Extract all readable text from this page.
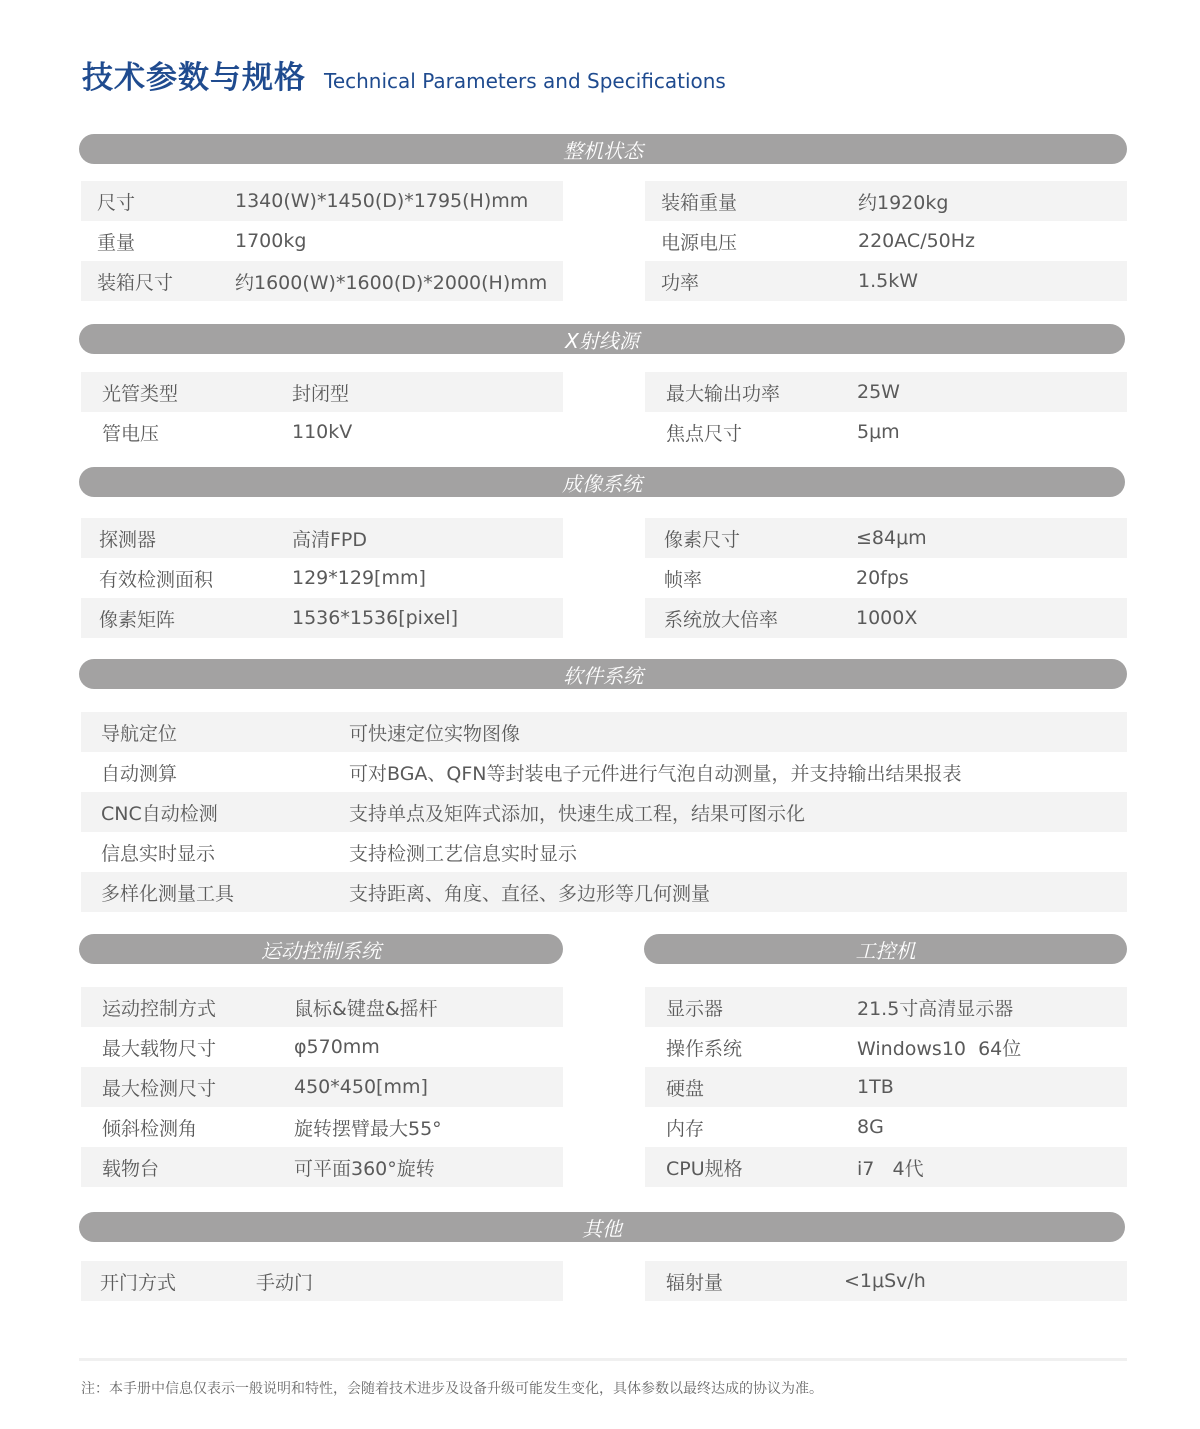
技术参数与规格 Technical Parameters and Specifications
整机状态
尺寸	1340(W)*1450(D)*1795(H)mm
重量	1700kg
装箱尺寸	约1600(W)*1600(D)*2000(H)mm
装箱重量	约1920kg
电源电压	220AC/50Hz
功率	1.5kW
X射线源
光管类型	封闭型
管电压	110kV
最大输出功率	25W
焦点尺寸	5μm
成像系统
探测器	高清FPD
有效检测面积	129*129[mm]
像素矩阵	1536*1536[pixel]
像素尺寸	≤84μm
帧率	20fps
系统放大倍率	1000X
软件系统
导航定位	可快速定位实物图像
自动测算	可对BGA、QFN等封装电子元件进行气泡自动测量，并支持输出结果报表
CNC自动检测	支持单点及矩阵式添加，快速生成工程，结果可图示化
信息实时显示	支持检测工艺信息实时显示
多样化测量工具	支持距离、角度、直径、多边形等几何测量
运动控制系统	工控机
运动控制方式	鼠标&键盘&摇杆
最大载物尺寸	φ570mm
最大检测尺寸	450*450[mm]
倾斜检测角	旋转摆臂最大55°
载物台	可平面360°旋转
显示器	21.5寸高清显示器
操作系统	Windows10  64位
硬盘	1TB
内存	8G
CPU规格	i7   4代
其他
开门方式	手动门	辐射量	<1μSv/h
注：本手册中信息仅表示一般说明和特性，会随着技术进步及设备升级可能发生变化，具体参数以最终达成的协议为准。
